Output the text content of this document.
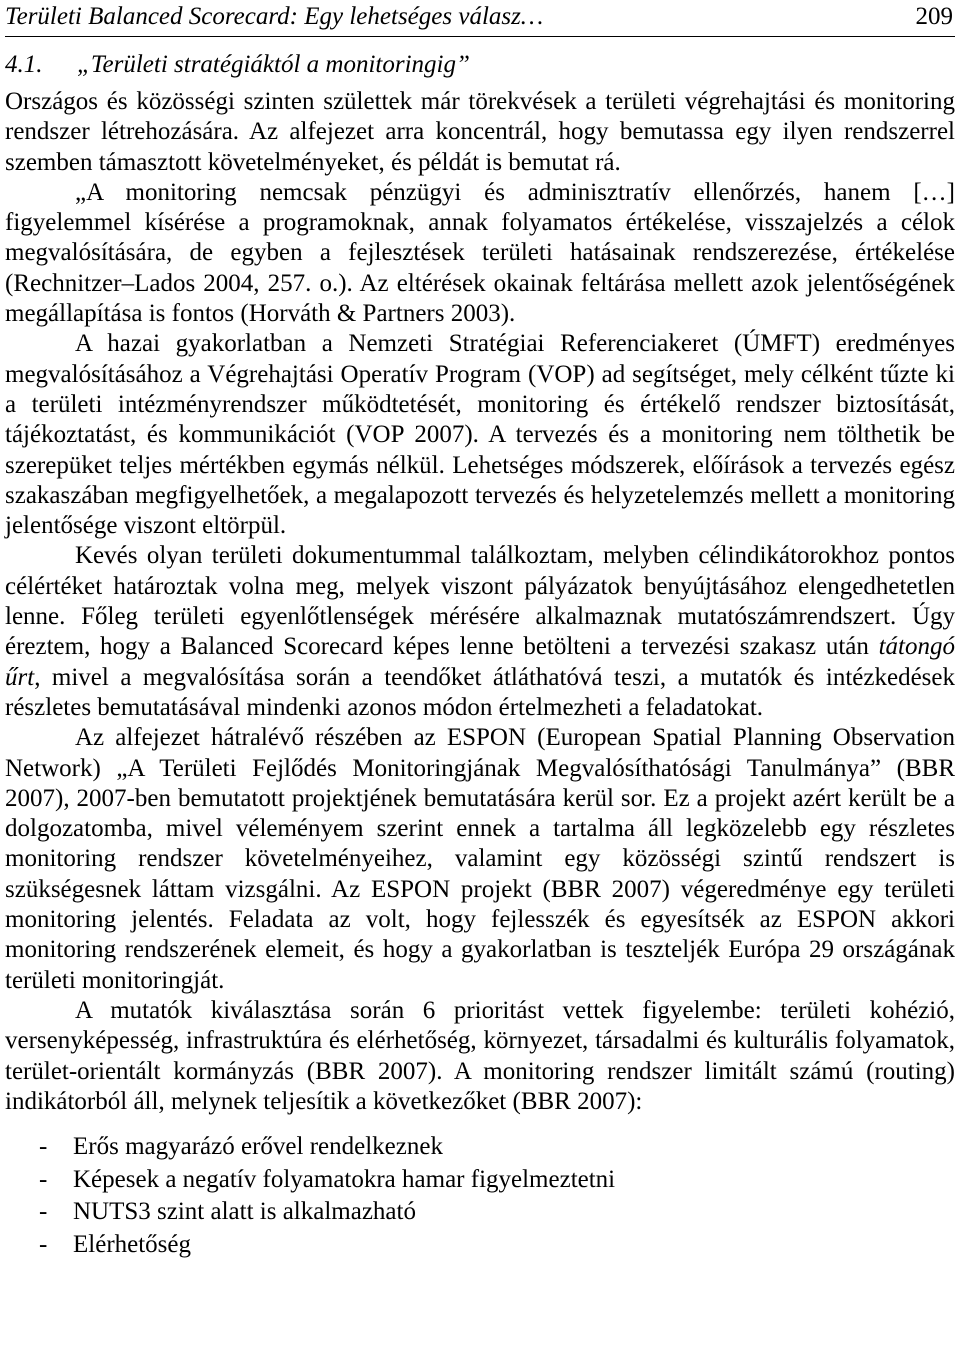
Területi Balanced Scorecard: Egy lehetséges válasz…	209
4.1.	„Területi stratégiáktól a monitoringig”

Országos és közösségi szinten születtek már törekvések a területi végrehajtási és monitoring rendszer létrehozására. Az alfejezet arra koncentrál, hogy bemutassa egy ilyen rendszerrel szemben támasztott követelményeket, és példát is bemutat rá.

„A monitoring nemcsak pénzügyi és adminisztratív ellenőrzés, hanem […] figyelemmel kísérése a programoknak, annak folyamatos értékelése, visszajelzés a célok megvalósítására, de egyben a fejlesztések területi hatásainak rendszerezése, értékelése (Rechnitzer–Lados 2004, 257. o.). Az eltérések okainak feltárása mellett azok jelentőségének megállapítása is fontos (Horváth & Partners 2003).

A hazai gyakorlatban a Nemzeti Stratégiai Referenciakeret (ÚMFT) eredményes megvalósításához a Végrehajtási Operatív Program (VOP) ad segítséget, mely célként tűzte ki a területi intézményrendszer működtetését, monitoring és értékelő rendszer biztosítását, tájékoztatást, és kommunikációt (VOP 2007). A tervezés és a monitoring nem tölthetik be szerepüket teljes mértékben egymás nélkül. Lehetséges módszerek, előírások a tervezés egész szakaszában megfigyelhetőek, a megalapozott tervezés és helyzetelemzés mellett a monitoring jelentősége viszont eltörpül.

Kevés olyan területi dokumentummal találkoztam, melyben célindikátorokhoz pontos célértéket határoztak volna meg, melyek viszont pályázatok benyújtásához elengedhetetlen lenne. Főleg területi egyenlőtlenségek mérésére alkalmaznak mutatószámrendszert. Úgy éreztem, hogy a Balanced Scorecard képes lenne betölteni a tervezési szakasz után tátongó űrt, mivel a megvalósítása során a teendőket átláthatóvá teszi, a mutatók és intézkedések részletes bemutatásával mindenki azonos módon értelmezheti a feladatokat.

Az alfejezet hátralévő részében az ESPON (European Spatial Planning Observation Network) „A Területi Fejlődés Monitoringjának Megvalósíthatósági Tanulmánya” (BBR 2007), 2007-ben bemutatott projektjének bemutatására kerül sor. Ez a projekt azért került be a dolgozatomba, mivel véleményem szerint ennek a tartalma áll legközelebb egy részletes monitoring rendszer követelményeihez, valamint egy közösségi szintű rendszert is szükségesnek láttam vizsgálni. Az ESPON projekt (BBR 2007) végeredménye egy területi monitoring jelentés. Feladata az volt, hogy fejlesszék és egyesítsék az ESPON akkori monitoring rendszerének elemeit, és hogy a gyakorlatban is teszteljék Európa 29 országának területi monitoringját.

A mutatók kiválasztása során 6 prioritást vettek figyelembe: területi kohézió, versenyképesség, infrastruktúra és elérhetőség, környezet, társadalmi és kulturális folyamatok, terület-orientált kormányzás (BBR 2007). A monitoring rendszer limitált számú (routing) indikátorból áll, melynek teljesítik a következőket (BBR 2007):

-	Erős magyarázó erővel rendelkeznek
-	Képesek a negatív folyamatokra hamar figyelmeztetni
-	NUTS3 szint alatt is alkalmazható
-	Elérhetőség
